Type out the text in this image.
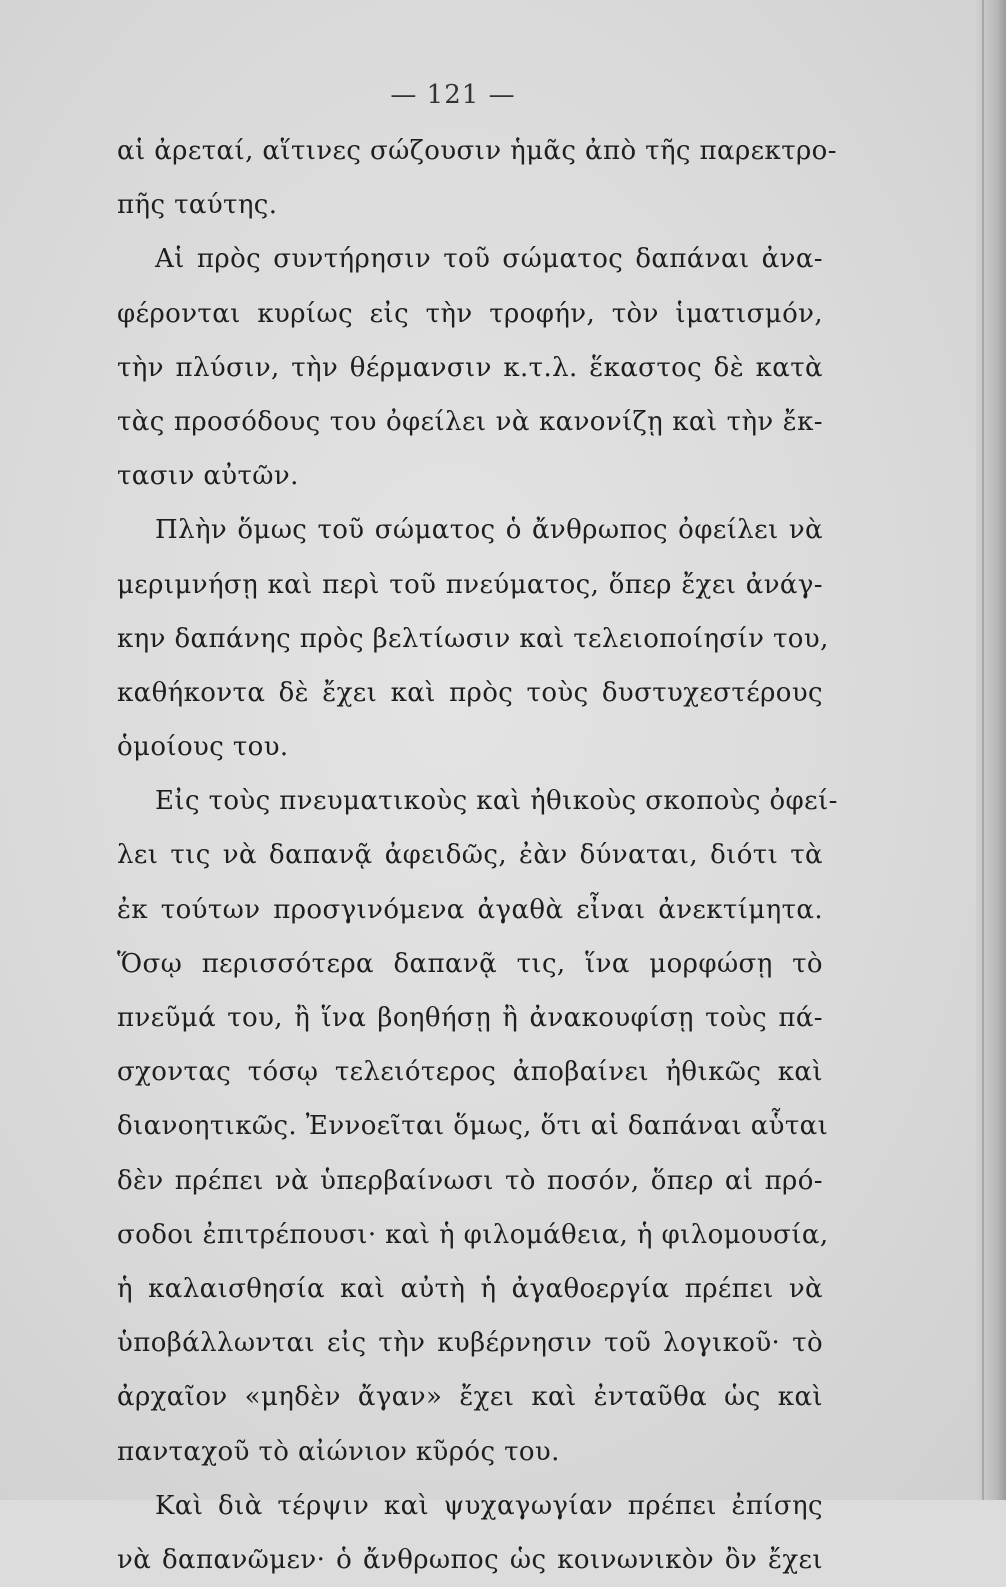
— 121 —
αἱ ἀρεταί, αἵτινες σώζουσιν ἡμᾶς ἀπὸ τῆς παρεκτρο-
πῆς ταύτης.
Αἱ πρὸς συντήρησιν τοῦ σώματος δαπάναι ἀνα-
φέρονται κυρίως εἰς τὴν τροφήν, τὸν ἱματισμόν,
τὴν πλύσιν, τὴν θέρμανσιν κ.τ.λ. ἕκαστος δὲ κατὰ
τὰς προσόδους του ὀφείλει νὰ κανονίζῃ καὶ τὴν ἔκ-
τασιν αὐτῶν.
Πλὴν ὅμως τοῦ σώματος ὁ ἄνθρωπος ὀφείλει νὰ
μεριμνήσῃ καὶ περὶ τοῦ πνεύματος, ὅπερ ἔχει ἀνάγ-
κην δαπάνης πρὸς βελτίωσιν καὶ τελειοποίησίν του,
καθήκοντα δὲ ἔχει καὶ πρὸς τοὺς δυστυχεστέρους
ὁμοίους του.
Εἰς τοὺς πνευματικοὺς καὶ ἠθικοὺς σκοποὺς ὀφεί-
λει τις νὰ δαπανᾷ ἀφειδῶς, ἐὰν δύναται, διότι τὰ
ἐκ τούτων προσγινόμενα ἀγαθὰ εἶναι ἀνεκτίμητα.
Ὅσῳ περισσότερα δαπανᾷ τις, ἵνα μορφώσῃ τὸ
πνεῦμά του, ἢ ἵνα βοηθήσῃ ἢ ἀνακουφίσῃ τοὺς πά-
σχοντας τόσῳ τελειότερος ἀποβαίνει ἠθικῶς καὶ
διανοητικῶς. Ἐννοεῖται ὅμως, ὅτι αἱ δαπάναι αὗται
δὲν πρέπει νὰ ὑπερβαίνωσι τὸ ποσόν, ὅπερ αἱ πρό-
σοδοι ἐπιτρέπουσι· καὶ ἡ φιλομάθεια, ἡ φιλομουσία,
ἡ καλαισθησία καὶ αὐτὴ ἡ ἀγαθοεργία πρέπει νὰ
ὑποβάλλωνται εἰς τὴν κυβέρνησιν τοῦ λογικοῦ· τὸ
ἀρχαῖον «μηδὲν ἄγαν» ἔχει καὶ ἐνταῦθα ὡς καὶ
πανταχοῦ τὸ αἰώνιον κῦρός του.
Καὶ διὰ τέρψιν καὶ ψυχαγωγίαν πρέπει ἐπίσης
νὰ δαπανῶμεν· ὁ ἄνθρωπος ὡς κοινωνικὸν ὂν ἔχει
